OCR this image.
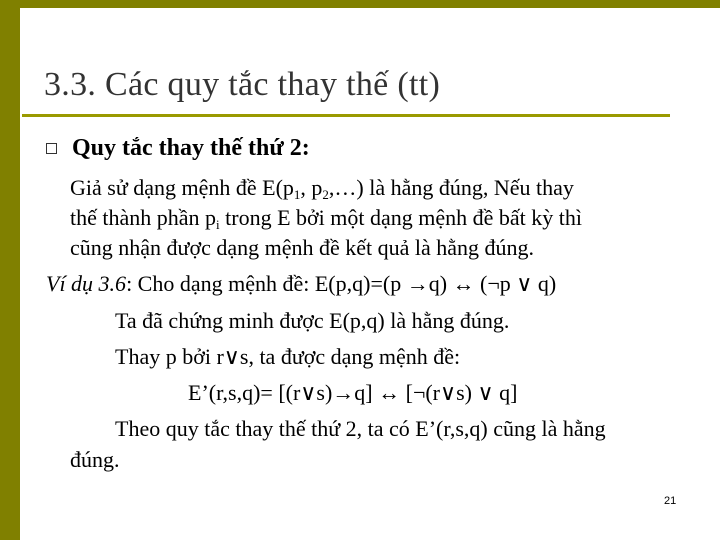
3.3. Các quy tắc thay thế (tt)
Quy tắc thay thế thứ 2:
Giả sử dạng mệnh đề $E(p_1$, $p_2,\dots$) là hằng đúng, Nếu thay
thế thành phần $p_i$ trong E bởi một dạng mệnh đề bất kỳ thì
cũng nhận được dạng mệnh đề kết quả là hằng đúng.
Ví dụ 3.6: Cho dạng mệnh đề: E(p,q)=(p →q) ↔ (¬p ∨ q)
Ta đã chứng minh được E(p,q) là hằng đúng.
Thay p bởi r∨s, ta được dạng mệnh đề:
E’(r,s,q)= [(r∨s)→q] ↔ [¬(r∨s) ∨ q]
Theo quy tắc thay thế thứ 2, ta có E’(r,s,q) cũng là hằng
đúng.
21
